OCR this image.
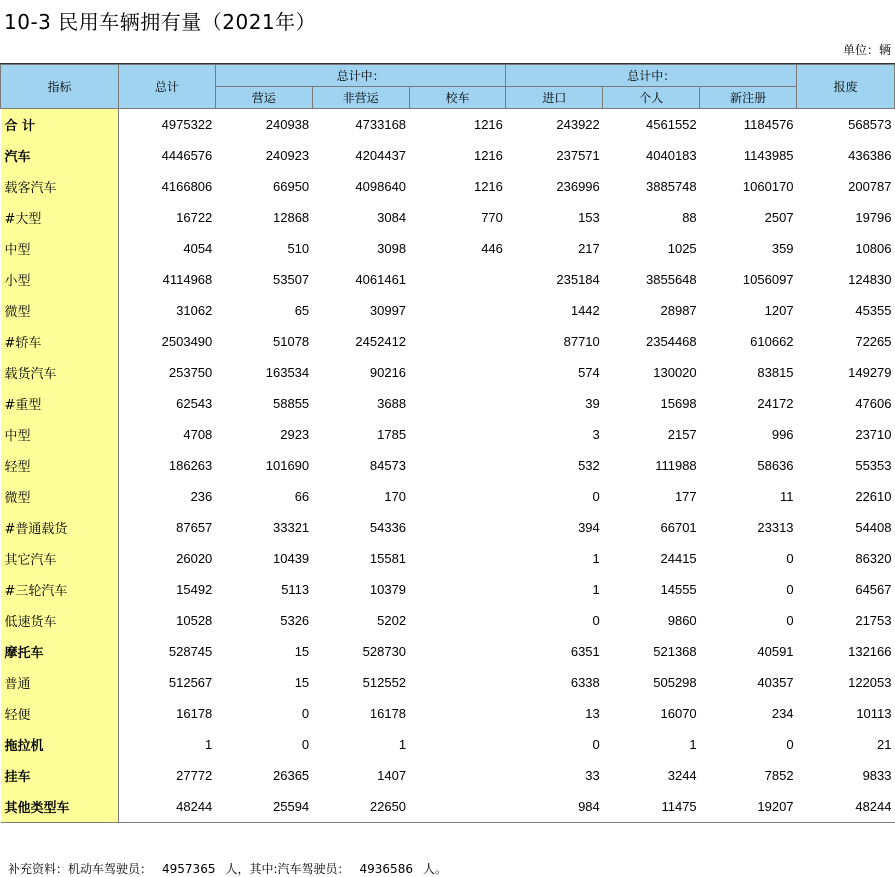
10-3 民用车辆拥有量（2021年）
单位：辆
指标	总计	总计中：			总计中：			报废
		营运	非营运	校车	进口	个人	新注册	
合 计	4975322	240938	4733168	1216	243922	4561552	1184576	568573
汽车	4446576	240923	4204437	1216	237571	4040183	1143985	436386
载客汽车	4166806	66950	4098640	1216	236996	3885748	1060170	200787
#大型	16722	12868	3084	770	153	88	2507	19796
中型	4054	510	3098	446	217	1025	359	10806
小型	4114968	53507	4061461		235184	3855648	1056097	124830
微型	31062	65	30997		1442	28987	1207	45355
#轿车	2503490	51078	2452412		87710	2354468	610662	72265
载货汽车	253750	163534	90216		574	130020	83815	149279
#重型	62543	58855	3688		39	15698	24172	47606
中型	4708	2923	1785		3	2157	996	23710
轻型	186263	101690	84573		532	111988	58636	55353
微型	236	66	170		0	177	11	22610
#普通载货	87657	33321	54336		394	66701	23313	54408
其它汽车	26020	10439	15581		1	24415	0	86320
#三轮汽车	15492	5113	10379		1	14555	0	64567
低速货车	10528	5326	5202		0	9860	0	21753
摩托车	528745	15	528730		6351	521368	40591	132166
普通	512567	15	512552		6338	505298	40357	122053
轻便	16178	0	16178		13	16070	234	10113
拖拉机	1	0	1		0	1	0	21
挂车	27772	26365	1407		33	3244	7852	9833
其他类型车	48244	25594	22650		984	11475	19207	48244
补充资料：机动车驾驶员： 4957365 人，其中:汽车驾驶员： 4936586 人。
